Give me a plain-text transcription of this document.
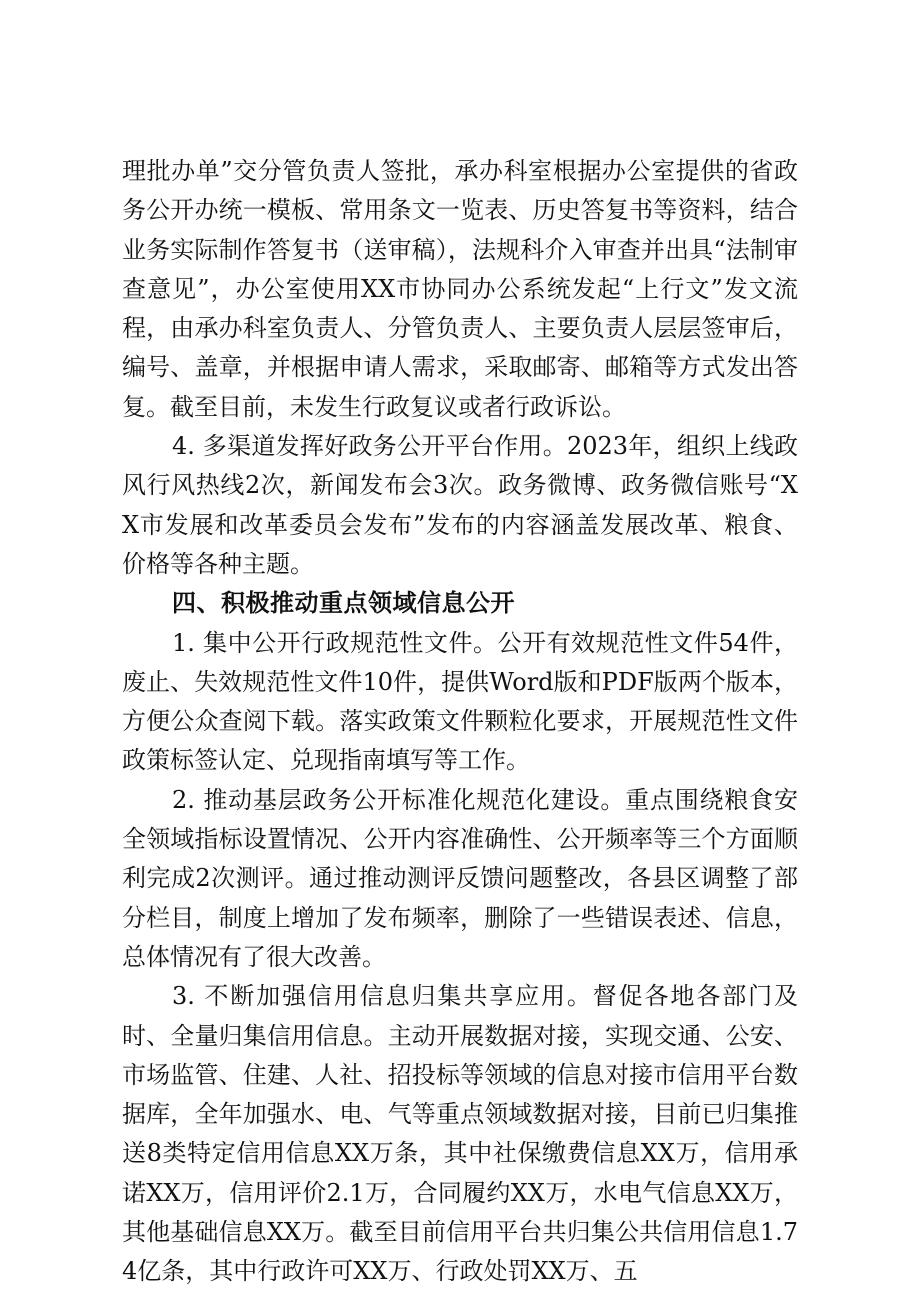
理批办单”交分管负责人签批，承办科室根据办公室提供的省政务公开办统一模板、常用条文一览表、历史答复书等资料，结合业务实际制作答复书（送审稿），法规科介入审查并出具“法制审查意见”，办公室使用XX市协同办公系统发起“上行文”发文流程，由承办科室负责人、分管负责人、主要负责人层层签审后，编号、盖章，并根据申请人需求，采取邮寄、邮箱等方式发出答复。截至目前，未发生行政复议或者行政诉讼。

4. 多渠道发挥好政务公开平台作用。2023年，组织上线政风行风热线2次，新闻发布会3次。政务微博、政务微信账号“XX市发展和改革委员会发布”发布的内容涵盖发展改革、粮食、价格等各种主题。

四、积极推动重点领域信息公开

1. 集中公开行政规范性文件。公开有效规范性文件54件，废止、失效规范性文件10件，提供Word版和PDF版两个版本，方便公众查阅下载。落实政策文件颗粒化要求，开展规范性文件政策标签认定、兑现指南填写等工作。

2. 推动基层政务公开标准化规范化建设。重点围绕粮食安全领域指标设置情况、公开内容准确性、公开频率等三个方面顺利完成2次测评。通过推动测评反馈问题整改，各县区调整了部分栏目，制度上增加了发布频率，删除了一些错误表述、信息，总体情况有了很大改善。

3. 不断加强信用信息归集共享应用。督促各地各部门及时、全量归集信用信息。主动开展数据对接，实现交通、公安、市场监管、住建、人社、招投标等领域的信息对接市信用平台数据库，全年加强水、电、气等重点领域数据对接，目前已归集推送8类特定信用信息XX万条，其中社保缴费信息XX万，信用承诺XX万，信用评价2.1万，合同履约XX万，水电气信息XX万，其他基础信息XX万。截至目前信用平台共归集公共信用信息1.74亿条，其中行政许可XX万、行政处罚XX万、五
